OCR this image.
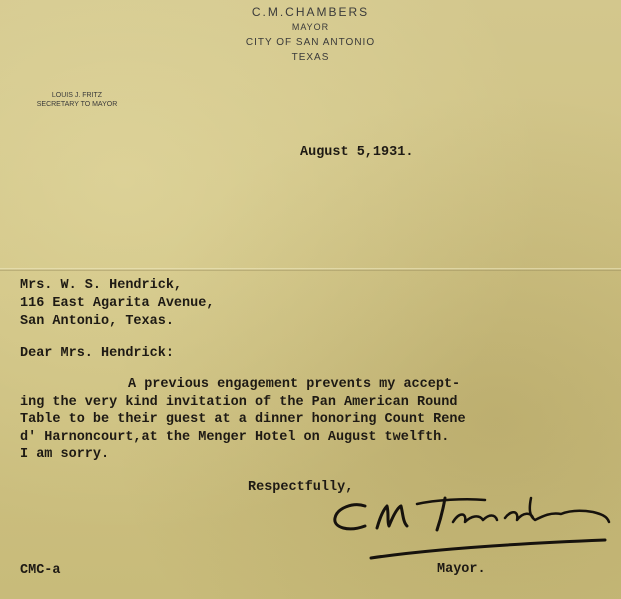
C.M.CHAMBERS
MAYOR
CITY OF SAN ANTONIO
TEXAS
LOUIS J. FRITZ
SECRETARY TO MAYOR
August 5,1931.
Mrs. W. S. Hendrick,
116 East Agarita Avenue,
San Antonio, Texas.
Dear Mrs. Hendrick:
A previous engagement prevents my accept-
ing the very kind invitation of the Pan American Round
Table to be their guest at a dinner honoring Count Rene
d' Harnoncourt,at the Menger Hotel on August twelfth.
I am sorry.
Respectfully,
CMC-a	Mayor.
